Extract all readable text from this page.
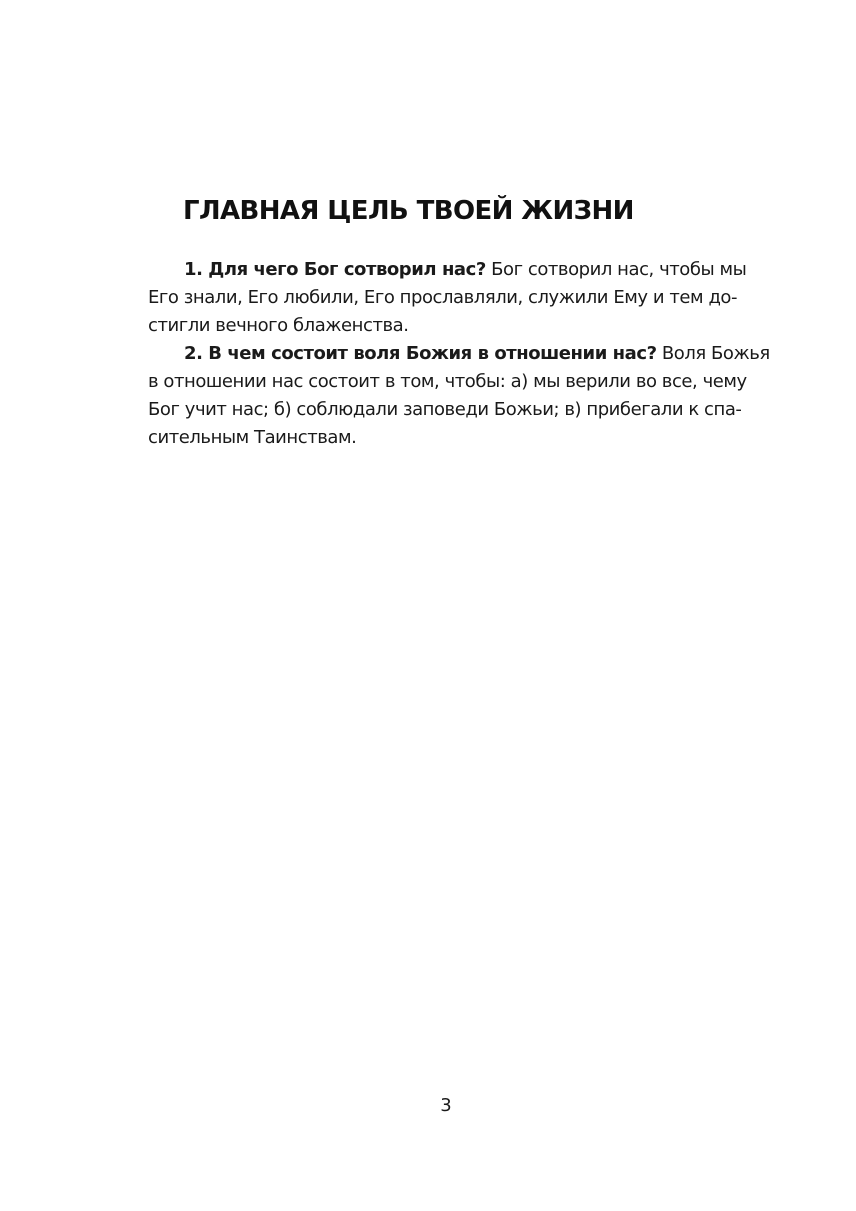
ГЛАВНАЯ ЦЕЛЬ ТВОЕЙ ЖИЗНИ
1. Для чего Бог сотворил нас? Бог сотворил нас, чтобы мы
Его знали, Его любили, Его прославляли, служили Ему и тем до-
стигли вечного блаженства.
2. В чем состоит воля Божия в отношении нас? Воля Божья
в отношении нас состоит в том, чтобы: а) мы верили во все, чему
Бог учит нас; б) соблюдали заповеди Божьи; в) прибегали к спа-
сительным Таинствам.
3
